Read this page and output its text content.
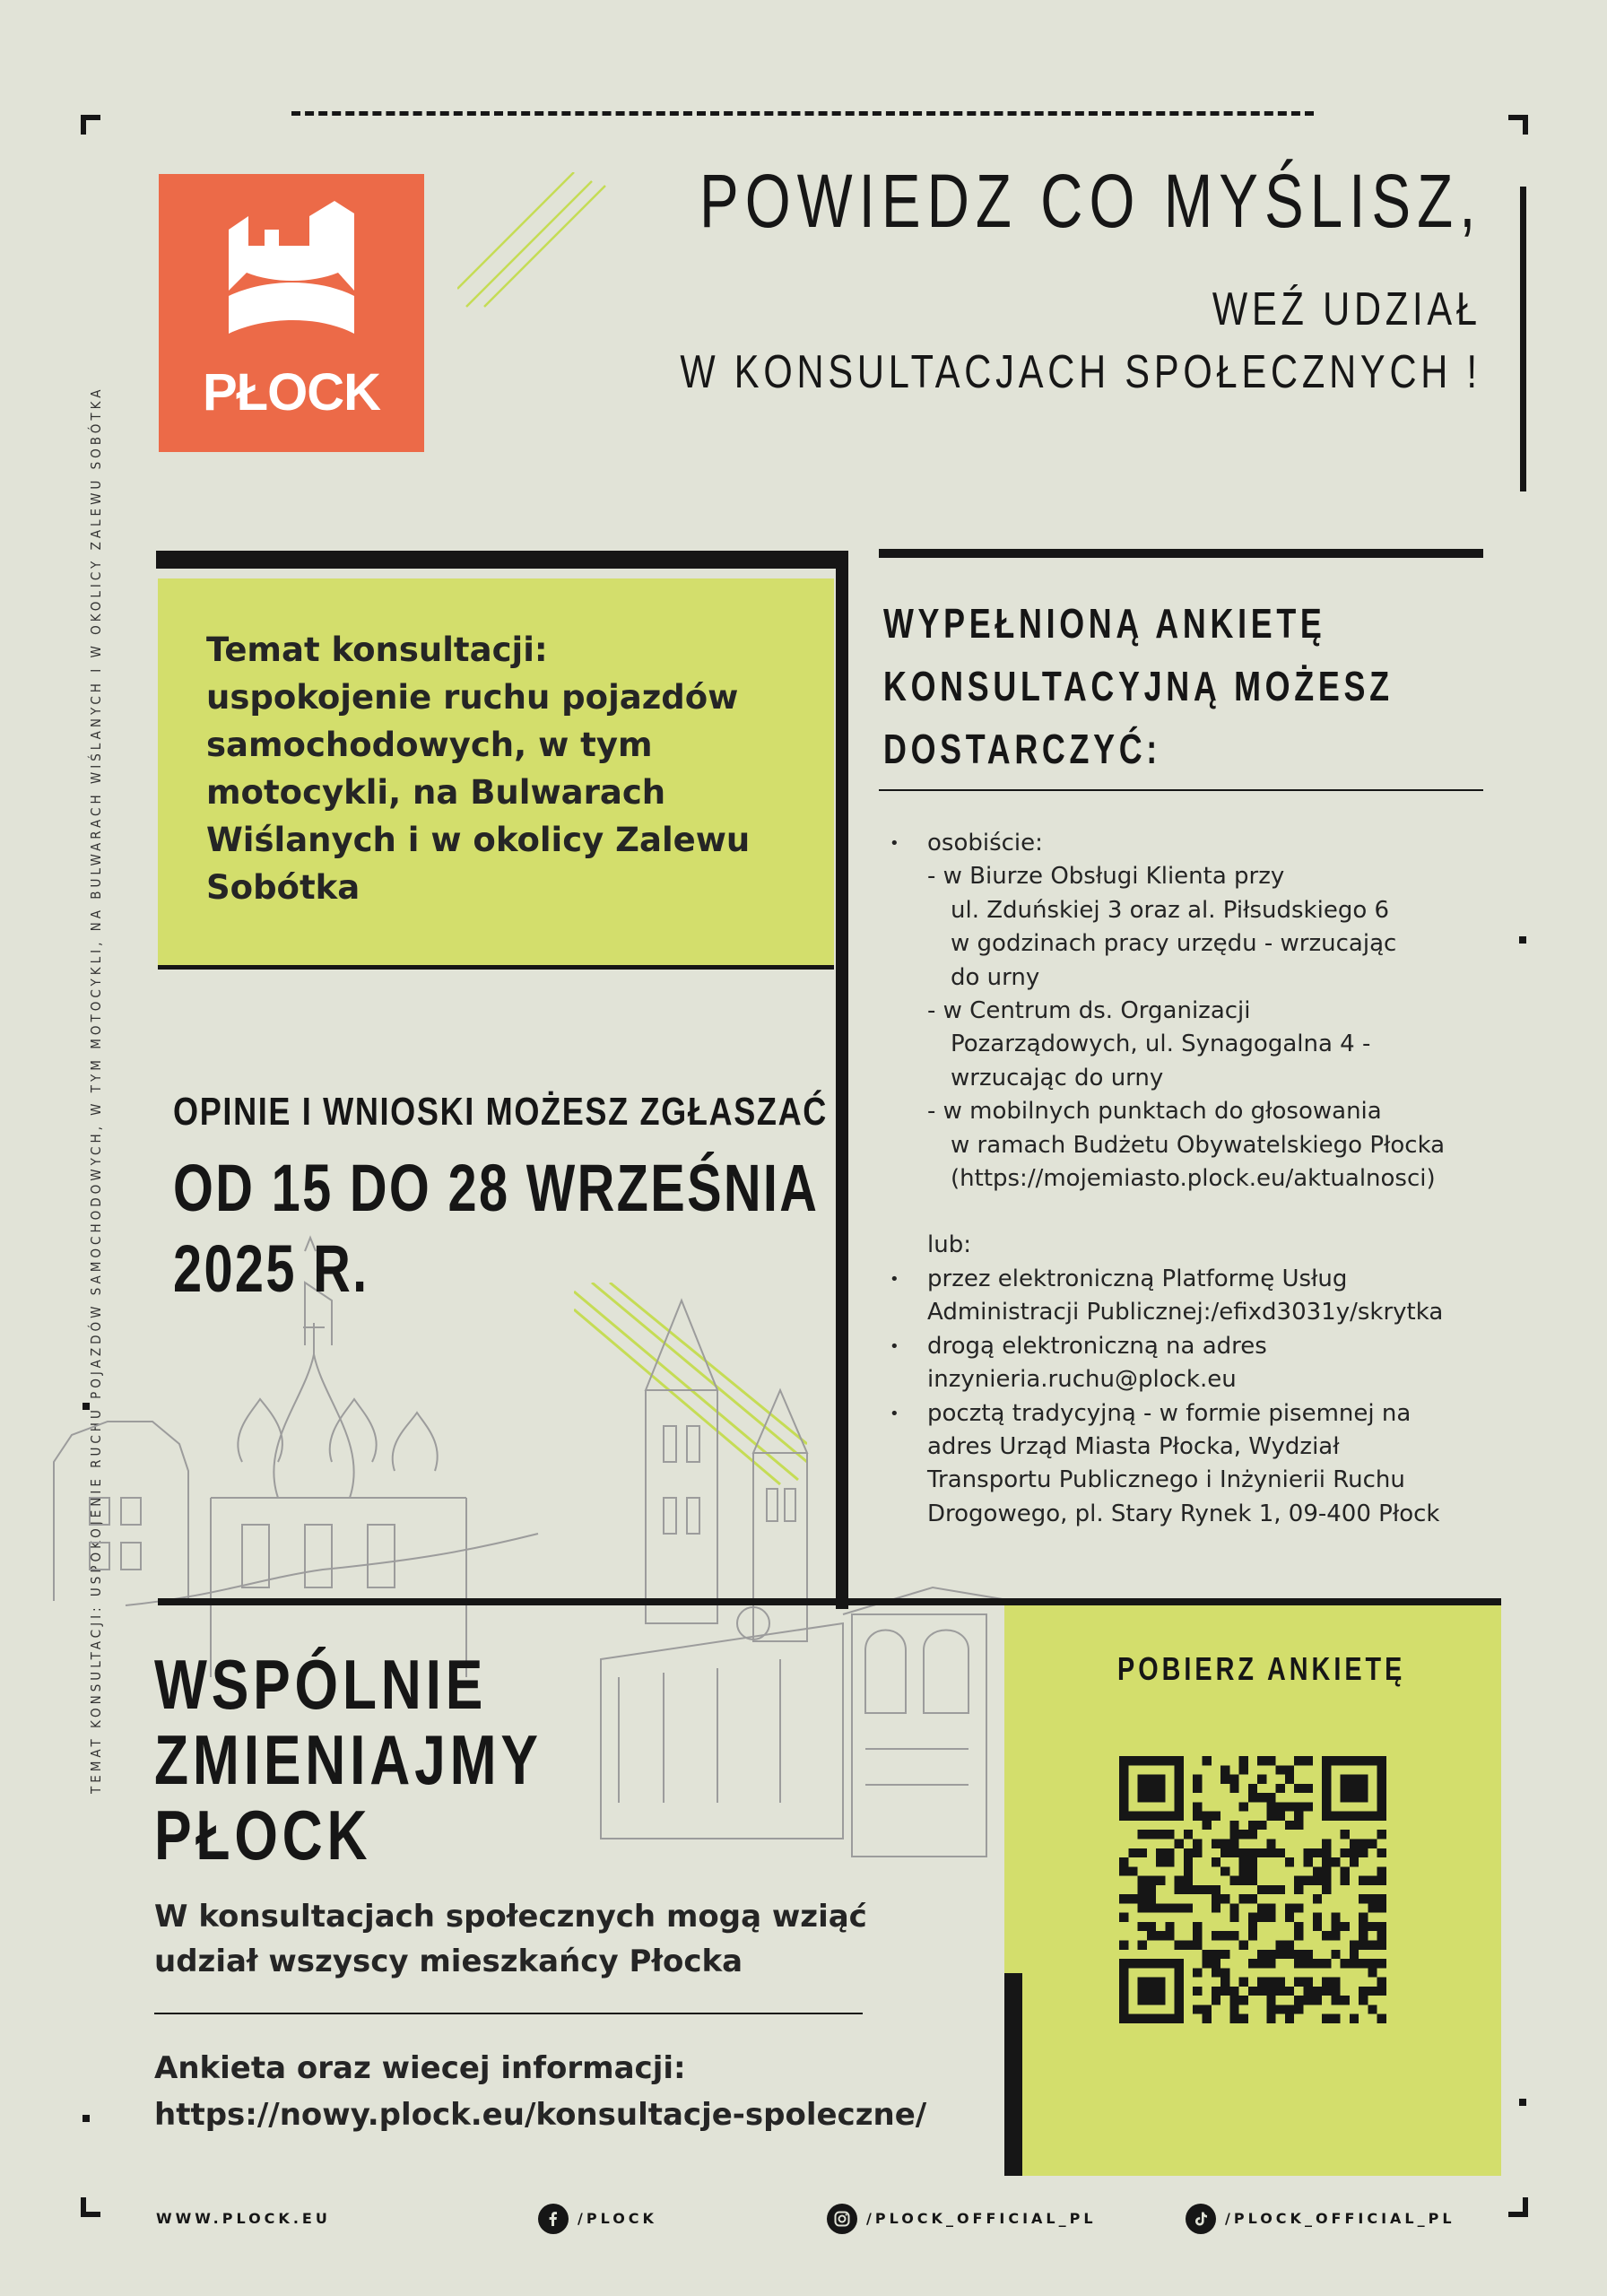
TEMAT KONSULTACJI: USPOKOJENIE RUCHU POJAZDÓW SAMOCHODOWYCH, W TYM MOTOCYKLI, NA BULWARACH WIŚLANYCH I W OKOLICY ZALEWU SOBÓTKA	PŁOCK
POWIEDZ CO MYŚLISZ,
WEŹ UDZIAŁ
W KONSULTACJACH SPOŁECZNYCH !
Temat konsultacji:
uspokojenie ruchu pojazdów
samochodowych, w tym
motocykli, na Bulwarach
Wiślanych i w okolicy Zalewu
Sobótka
OPINIE I WNIOSKI MOŻESZ ZGŁASZAĆ
OD 15 DO 28 WRZEŚNIA
2025 R.
WYPEŁNIONĄ ANKIETĘ
KONSULTACYJNĄ MOŻESZ
DOSTARCZYĆ:
• osobiście:
- w Biurze Obsługi Klienta przy
ul. Zduńskiej 3 oraz al. Piłsudskiego 6
w godzinach pracy urzędu - wrzucając
do urny
- w Centrum ds. Organizacji
Pozarządowych, ul. Synagogalna 4 -
wrzucając do urny
- w mobilnych punktach do głosowania
w ramach Budżetu Obywatelskiego Płocka
(https://mojemiasto.plock.eu/aktualnosci)
lub:
• przez elektroniczną Platformę Usług
Administracji Publicznej:/efixd3031y/skrytka
• drogą elektroniczną na adres
inzynieria.ruchu@plock.eu
• pocztą tradycyjną - w formie pisemnej na
adres Urząd Miasta Płocka, Wydział
Transportu Publicznego i Inżynierii Ruchu
Drogowego, pl. Stary Rynek 1, 09-400 Płock
POBIERZ ANKIETĘ
WSPÓLNIE
ZMIENIAJMY
PŁOCK
W konsultacjach społecznych mogą wziąć
udział wszyscy mieszkańcy Płocka
Ankieta oraz wiecej informacji:
https://nowy.plock.eu/konsultacje-spoleczne/
WWW.PLOCK.EU	/PLOCK	/PLOCK_OFFICIAL_PL	/PLOCK_OFFICIAL_PL
